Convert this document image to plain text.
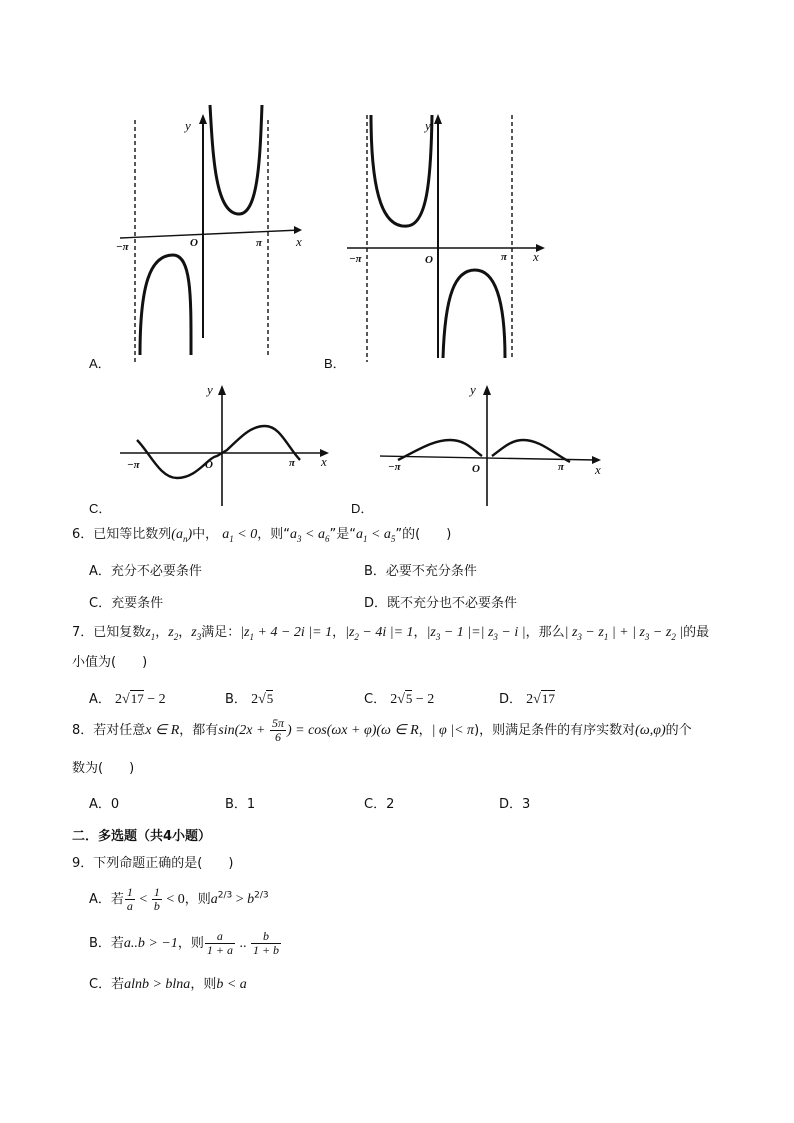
y
x
O
−π	π
A．
y
x
O
−π	π
B．
y
x
O
−π	π
C．
y
x
O
−π	π
D．
6．已知等比数列$(a_n)$中， $a_1 < 0$，则“$a_3 < a_6$”是“$a_1 < a_5$”的(　　)
A．充分不必要条件	B．必要不充分条件
C．充要条件	D．既不充分也不必要条件
7．已知复数$z_1$，$z_2$，$z_3$满足：$|z_1 + 4 - 2i$ |= 1，$|z_2 - 4i$ |= 1，$|z_3 - 1$ |=| $z_3 - i$ |，那么| $z_3 - z_1$ | + | $z_3 - z_2$ |的最
小值为(　　)
A． 2√17 − 2	B． 2√5	C． 2√5 − 2	D． 2√17
8．若对任意x ∈ R，都有$\sin(2x + \frac{5\pi}{6}$ ) = cos(ωx + φ)(ω ∈ R，| φ |< π)，则满足条件的有序实数对(ω,φ)的个
数为(　　)
A．0	B．1	C．2	D．3
二．多选题（共4小题）
9．下列命题正确的是(　　)
A．若 $\frac{1}{a} < \frac{1}{b} < 0$，则$a^{2/3} > b^{2/3}$
B．若a..b > −1，则 $\frac{a}{1 + a}$ .. $\frac{b}{1 + b}$
C．若alnb > blna，则b < a
